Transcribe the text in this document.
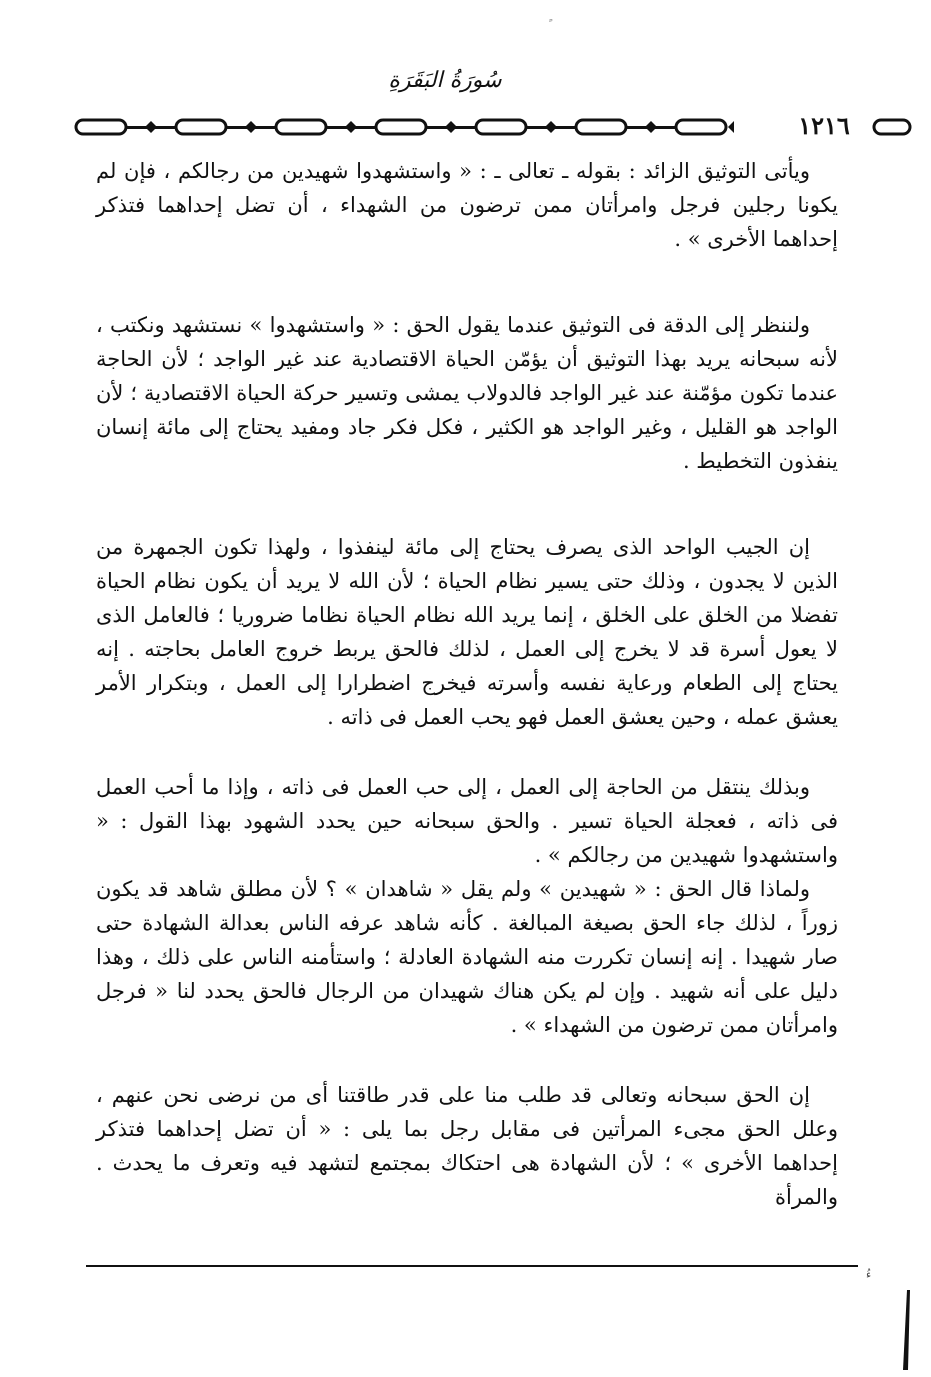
سُورَةُ البَقَرَةِ
١٢١٦

ويأتى التوثيق الزائد : بقوله ـ تعالى ـ : « واستشهدوا شهيدين من رجالكم ، فإن لم يكونا رجلين فرجل وامرأتان ممن ترضون من الشهداء ، أن تضل إحداهما فتذكر إحداهما الأخرى » .

ولننظر إلى الدقة فى التوثيق عندما يقول الحق : « واستشهدوا » نستشهد ونكتب ، لأنه سبحانه يريد بهذا التوثيق أن يؤمّن الحياة الاقتصادية عند غير الواجد ؛ لأن الحاجة عندما تكون مؤمّنة عند غير الواجد فالدولاب يمشى وتسير حركة الحياة الاقتصادية ؛ لأن الواجد هو القليل ، وغير الواجد هو الكثير ، فكل فكر جاد ومفيد يحتاج إلى مائة إنسان ينفذون التخطيط .

إن الجيب الواحد الذى يصرف يحتاج إلى مائة لينفذوا ، ولهذا تكون الجمهرة من الذين لا يجدون ، وذلك حتى يسير نظام الحياة ؛ لأن الله لا يريد أن يكون نظام الحياة تفضلا من الخلق على الخلق ، إنما يريد الله نظام الحياة نظاما ضروريا ؛ فالعامل الذى لا يعول أسرة قد لا يخرج إلى العمل ، لذلك فالحق يربط خروج العامل بحاجته . إنه يحتاج إلى الطعام ورعاية نفسه وأسرته فيخرج اضطرارا إلى العمل ، وبتكرار الأمر يعشق عمله ، وحين يعشق العمل فهو يحب العمل فى ذاته .

وبذلك ينتقل من الحاجة إلى العمل ، إلى حب العمل فى ذاته ، وإذا ما أحب العمل فى ذاته ، فعجلة الحياة تسير . والحق سبحانه حين يحدد الشهود بهذا القول : « واستشهدوا شهيدين من رجالكم » .

ولماذا قال الحق : « شهيدين » ولم يقل « شاهدان » ؟ لأن مطلق شاهد قد يكون زوراً ، لذلك جاء الحق بصيغة المبالغة . كأنه شاهد عرفه الناس بعدالة الشهادة حتى صار شهيدا . إنه إنسان تكررت منه الشهادة العادلة ؛ واستأمنه الناس على ذلك ، وهذا دليل على أنه شهيد . وإن لم يكن هناك شهيدان من الرجال فالحق يحدد لنا « فرجل وامرأتان ممن ترضون من الشهداء » .

إن الحق سبحانه وتعالى قد طلب منا على قدر طاقتنا أى من نرضى نحن عنهم ، وعلل الحق مجىء المرأتين فى مقابل رجل بما يلى : « أن تضل إحداهما فتذكر إحداهما الأخرى » ؛ لأن الشهادة هى احتكاك بمجتمع لتشهد فيه وتعرف ما يحدث . والمرأة

ءُ
